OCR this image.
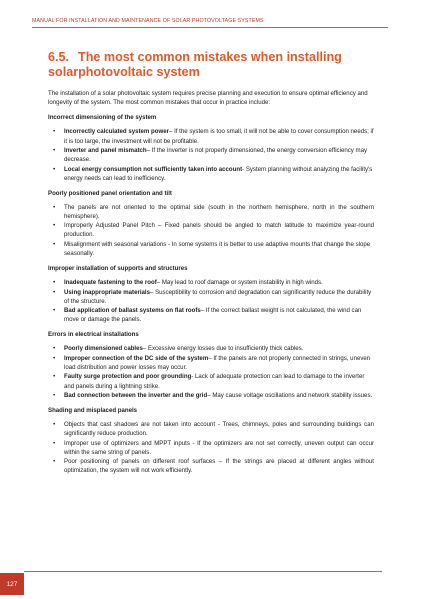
MANUAL FOR INSTALLATION AND MAINTENANCE OF SOLAR PHOTOVOLTAGE SYSTEMS
6.5. The most common mistakes when installing solarphotovoltaic system

The installation of a solar photovoltaic system requires precise planning and execution to ensure optimal efficiency and longevity of the system. The most common mistakes that occur in practice include:

Incorrect dimensioning of the system
• Incorrectly calculated system power– If the system is too small, it will not be able to cover consumption needs; if it is too large, the investment will not be profitable.
• Inverter and panel mismatch– If the inverter is not properly dimensioned, the energy conversion efficiency may decrease.
• Local energy consumption not sufficiently taken into account- System planning without analyzing the facility's energy needs can lead to inefficiency.
Poorly positioned panel orientation and tilt
• The panels are not oriented to the optimal side (south in the northern hemisphere, north in the southern hemisphere).
• Improperly Adjusted Panel Pitch – Fixed panels should be angled to match latitude to maximize year-round production.
• Misalignment with seasonal variations - In some systems it is better to use adaptive mounts that change the slope seasonally.
Improper installation of supports and structures
• Inadequate fastening to the roof– May lead to roof damage or system instability in high winds.
• Using inappropriate materials– Susceptibility to corrosion and degradation can significantly reduce the durability of the structure.
• Bad application of ballast systems on flat roofs– If the correct ballast weight is not calculated, the wind can move or damage the panels.
Errors in electrical installations
• Poorly dimensioned cables– Excessive energy losses due to insufficiently thick cables.
• Improper connection of the DC side of the system– If the panels are not properly connected in strings, uneven load distribution and power losses may occur.
• Faulty surge protection and poor grounding- Lack of adequate protection can lead to damage to the inverter and panels during a lightning strike.
• Bad connection between the inverter and the grid– May cause voltage oscillations and network stability issues.
Shading and misplaced panels
• Objects that cast shadows are not taken into account - Trees, chimneys, poles and surrounding buildings can significantly reduce production.
• Improper use of optimizers and MPPT inputs - If the optimizers are not set correctly, uneven output can occur within the same string of panels.
• Poor positioning of panels on different roof surfaces – If the strings are placed at different angles without optimization, the system will not work efficiently.
127
